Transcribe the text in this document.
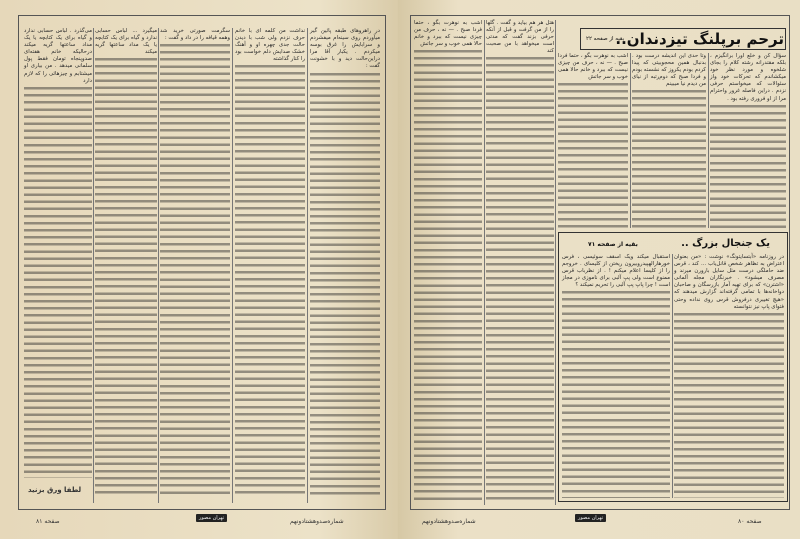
در راهروهای طبقه پائین گیر میآوردم روی سینه‌ام میفشردم و سرابایش را غرق بوسه میکردم . یکبار آقا مرا دراین‌حالت دید و با خشونت گفت :
نداشت من کلمه ای با خانم حرف نزدم ولی شب با دیدن حالت جدی چهره او و آهنگ خشک صدایش دلم خواست بود را کنار گذاشته
سگرمت صورتی خرید شد وهمه قیافه را در داد و گفت :
میگیرد ... لباس حسابی ندارد و گیاه برای یک کتابچه یا یک مداد ساعتها گریه میکند
می‌گذرد . لباس حسابی ندارد و گیاه برای یک کتابچه یا یک مداد ساعتها گریه میکند درحالیکه خانم هفته‌ای صدوپنجاه تومان فقط پول سلمانی میدهد . من بیاری او میشتابم و چیزهائی را که لازم دارد
لطفا ورق بزنید
صفحه ۸۱	تهران مصور	شماره‌صدوهشتادونهم
ترحم برپلنگ تیزدندان..
بقیه از صفحه ۲۲
سؤال کن و خلع اورا برانگیزم ، بلکه مقتدرانه رشته کلام را بجای شلخوه و مورد نظر خود میکشاندم که تحرکات خود واز سئوالات که میخواستم حرفی نزدم . دراین فاصله غرور واحترام مرا از او فروری رفته بود .
وتا حدی این اندیشه درست بود . بدنبال همین محجوبیتی که پیدا کردم بودم یکروز که نشسته بودم و فردا صبح که دوم‌رتبه از نیای من دیدم نیا میبینم
اشب به نوهرت بگو ، حتما فردا صبح . — نه ، حرف من چیزی نیست که ببرد و خانم حالا همی خوب و سر جاتش
هتل هر هم بیاید و گفت . گلها را از من گرفت و قبل از آنکه حرفی بزند گفت که مدتی است میخواهد با من صحبت کند
اشب به نوهرت بگو ، حتما فردا صبح . — نه ، حرف من چیزی نیست که ببرد و خانم حالا همی خوب و سر جاتش
یک جنجال بزرگ ..
بقیه از صفحه ۷۱
در روزنامه «آبتسایتونگ» نوشت : «من بعنوان اعتراض به تظاهر شخص قانل‌یاب ... کند ، قرس ضد حاملگی درست مثل سایل بارورن میرند و مصرف میشود» . خبرنگاران مجله آلمانی «اشترن» که برای تهیه آمار بازرسگان و صاحبان دواخانه‌ها با تمامی گرفته‌اند گزارش میدهند که «هیچ تغییری درفروش قرس روی نداده وحتی فتوای پاپ نیز نتوانسته
استقبال میکند ویک اسقف سوئیسی ، فرس خورهارالهپیدروبیرون ریختن از کلیسای . خروجم را از کلیسا اعلام میکنم ! . از نظرباب قرس ممنوع است ولی پپ آلبی برای ناموزی در مجاز است ! چرا پاپ پپ آلبی را تحریم نمیکند ؟
شماره‌صدوهشتادونهم	تهران مصور	صفحه ۸۰
